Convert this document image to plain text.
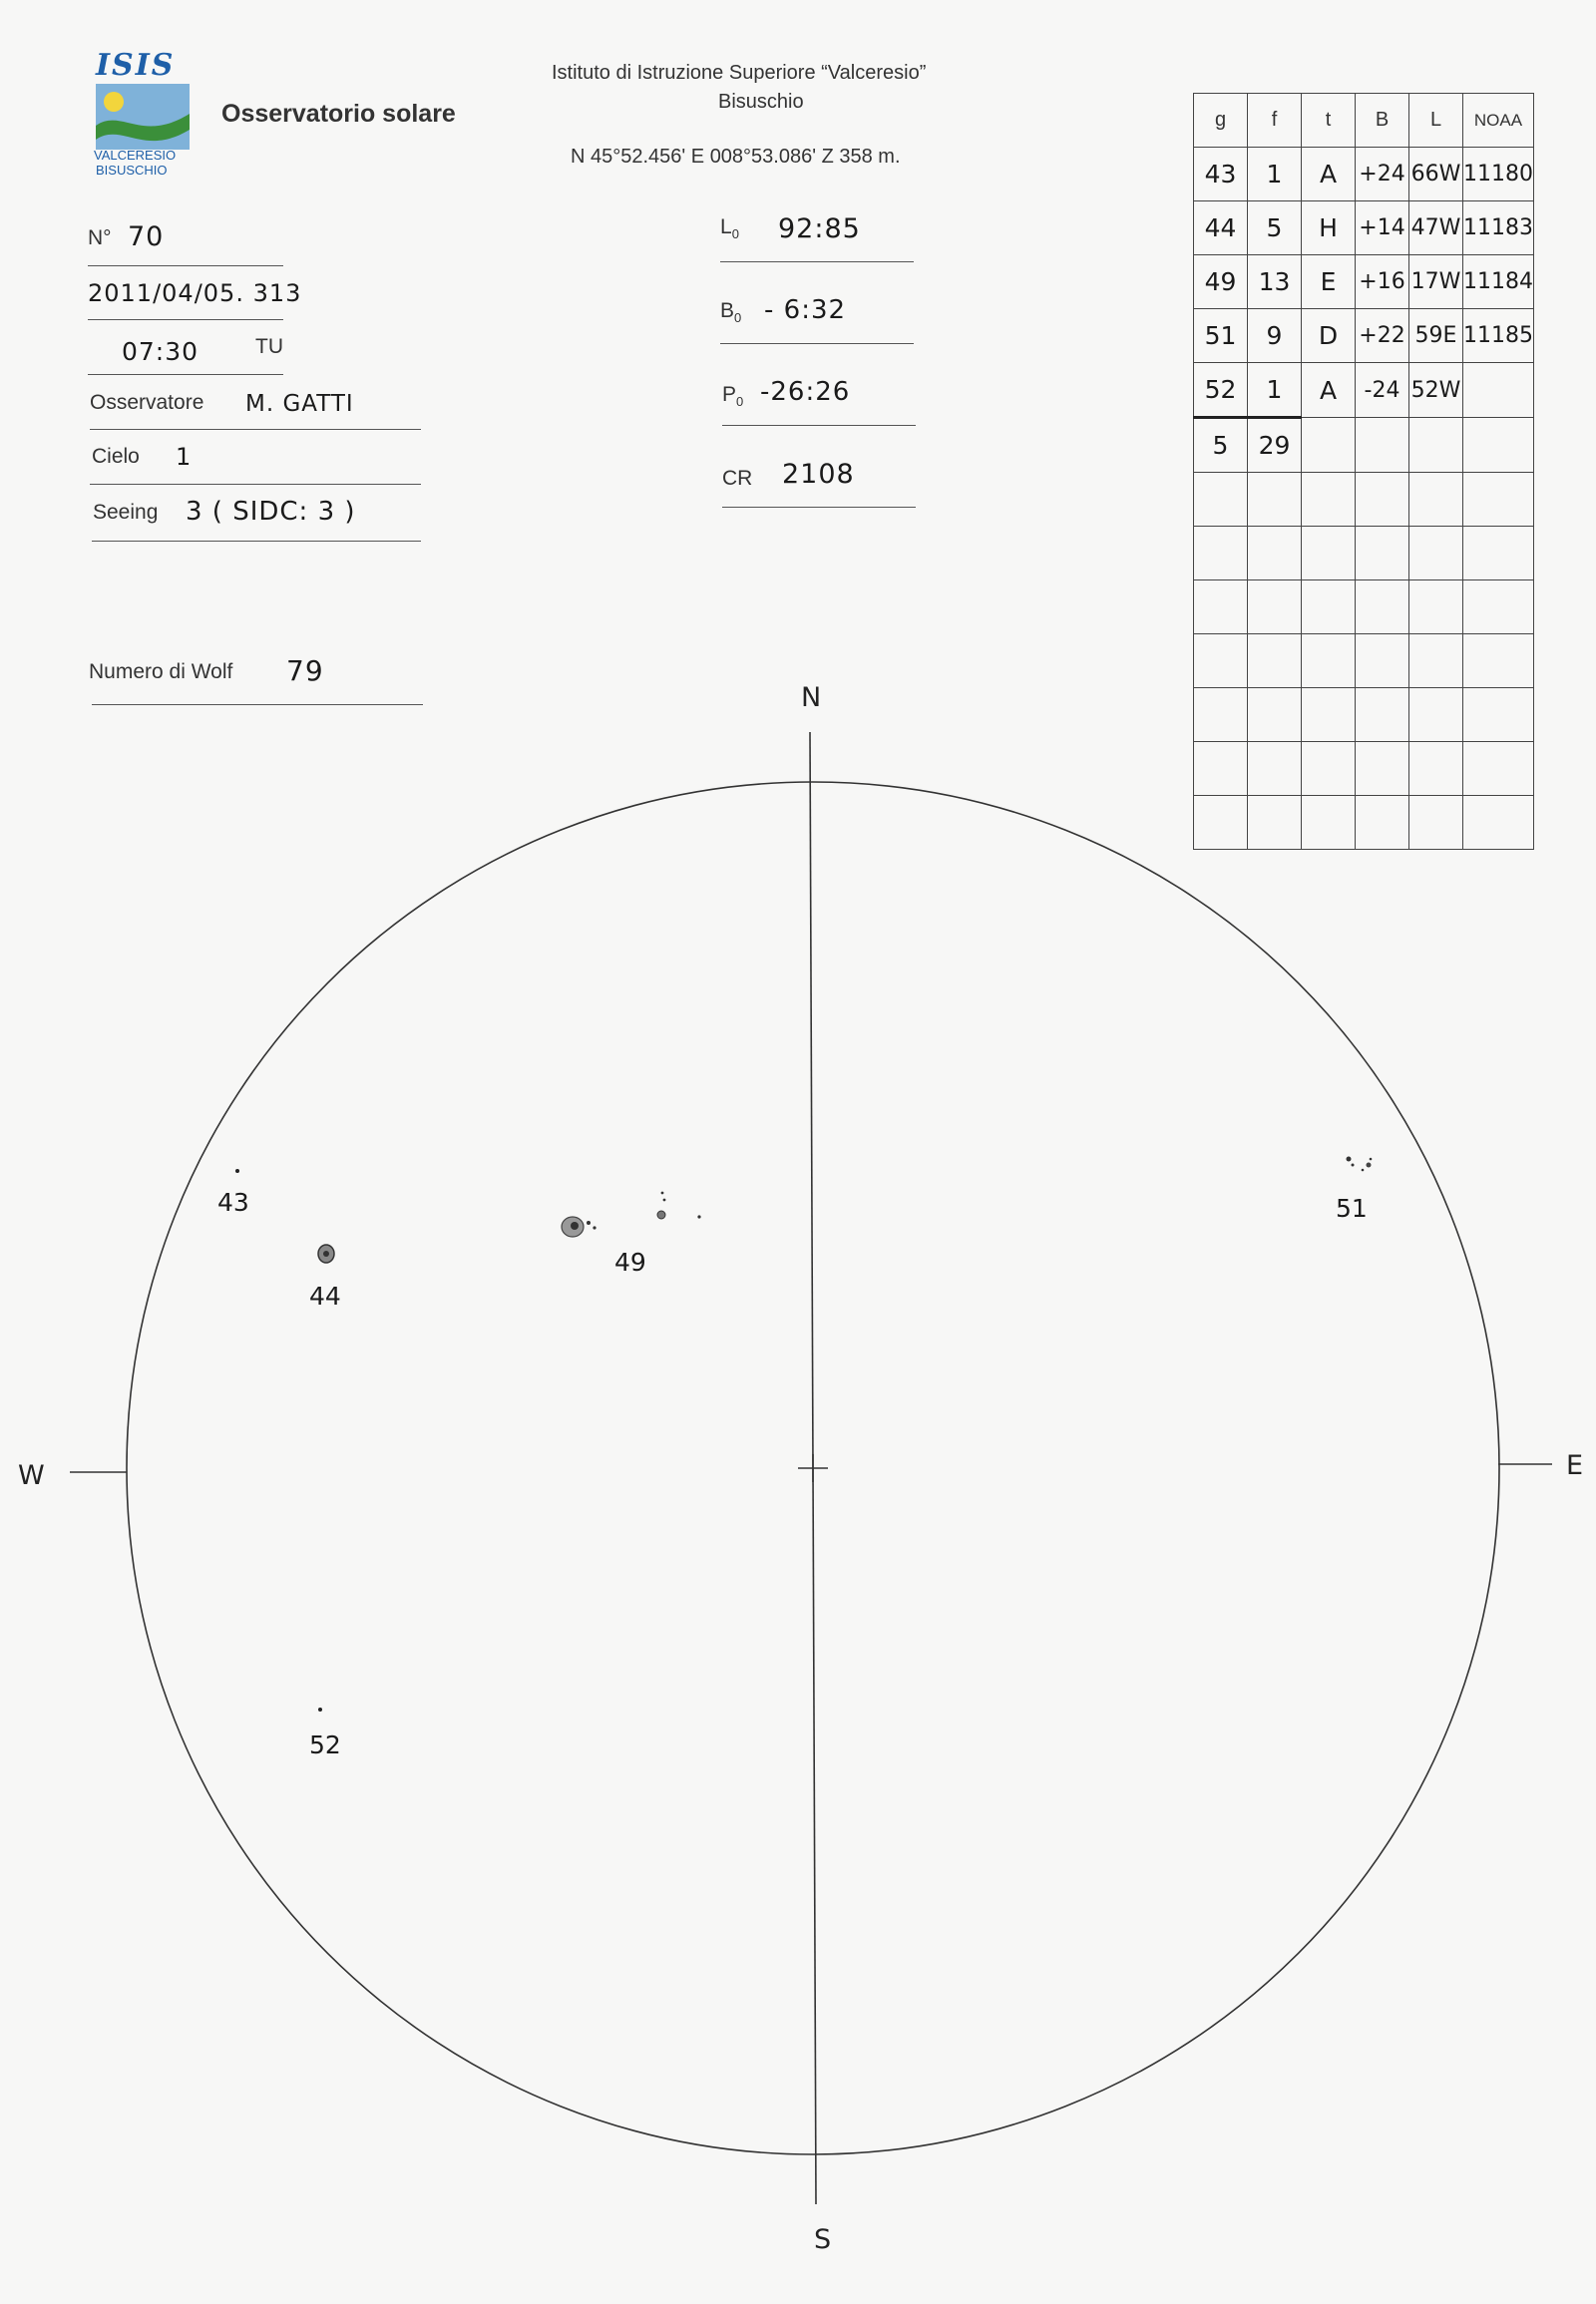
ISIS
VALCERESIO
BISUSCHIO
Osservatorio solare
Istituto di Istruzione Superiore “Valceresio”
Bisuschio
N 45°52.456' E 008°53.086' Z 358 m.
N° 70
2011/04/05. 313
07:30	TU
Osservatore M. GATTI
Cielo 1
Seeing 3 ( SIDC: 3 )
Numero di Wolf 79
$L_0$ 92:85
$B_0$ - 6:32
$P_0$ -26:26
CR 2108
g	f	t	B	L	NOAA
43	1	A	+24	66W	11180
44	5	H	+14	47W	11183
49	13	E	+16	17W	11184
51	9	D	+22	59E	11185
52	1	A	-24	52W	
5	29				

N
S
E
W
43
44
49
51
52
